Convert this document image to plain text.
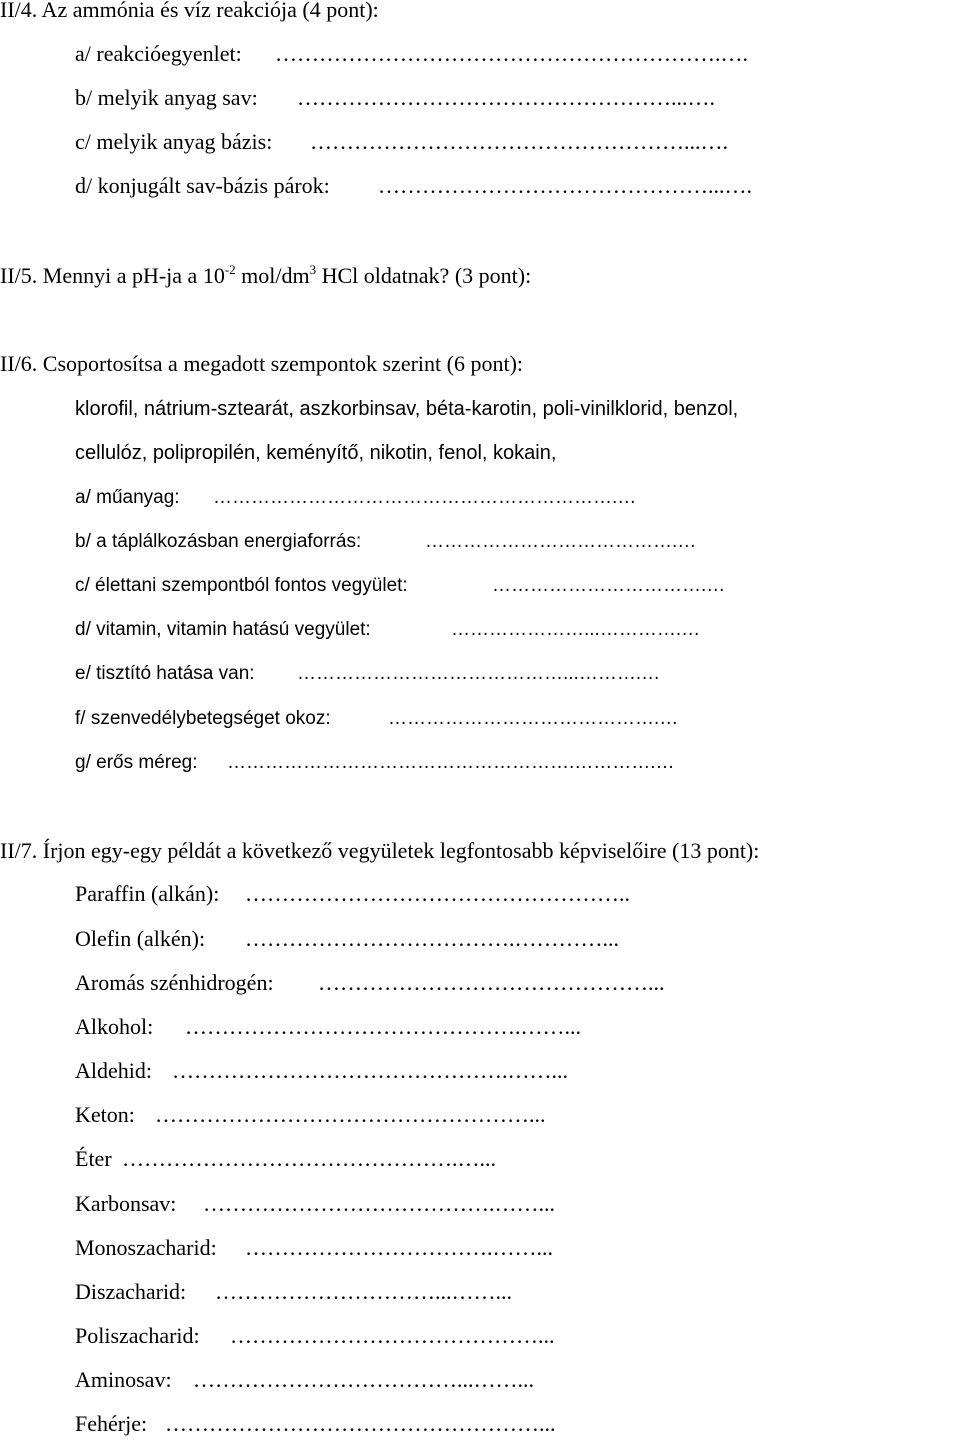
II/4. Az ammónia és víz reakciója (4 pont):
a/ reakcióegyenlet: …………………………………………………….….
b/ melyik anyag sav: ……………………………………………...….
c/ melyik anyag bázis: ……………………………………………...….
d/ konjugált sav-bázis párok: ………………………………………...….
II/5. Mennyi a pH-ja a $10^{-2}$ mol/$dm^3$ HCl oldatnak? (3 pont):
II/6. Csoportosítsa a megadott szempontok szerint (6 pont):
klorofil, nátrium-sztearát, aszkorbinsav, béta-karotin, poli-vinilklorid, benzol,
cellulóz, polipropilén, keményítő, nikotin, fenol, kokain,
a/ műanyag: ……………………………………………………….…
b/ a táplálkozásban energiaforrás:	………………………………….…
c/ élettani szempontból fontos vegyület:	…………………………….…
d/ vitamin, vitamin hatású vegyület:	…………………...………….…
e/ tisztító hatása van: ……………………………………...……….…
f/ szenvedélybetegséget okoz:	…………………………………….…
g/ erős méreg: ……………………………………………….………….…
II/7. Írjon egy-egy példát a következő vegyületek legfontosabb képviselőire (13 pont):
Paraffin (alkán): ……………………………………………..
Olefin (alkén): ……………………………….…………...
Aromás szénhidrogén: ………………………………………...
Alkohol: ……………………………………….……...
Aldehid: ……………………………………….……...
Keton: ……………………………………………...
Éter ……………………………………….…...
Karbonsav: ………………………………….……...
Monoszacharid: …………………………….……...
Diszacharid: …………………………...……...
Poliszacharid: ……………………………………...
Aminosav: ………………………………...……...
Fehérje: ……………………………………………...
